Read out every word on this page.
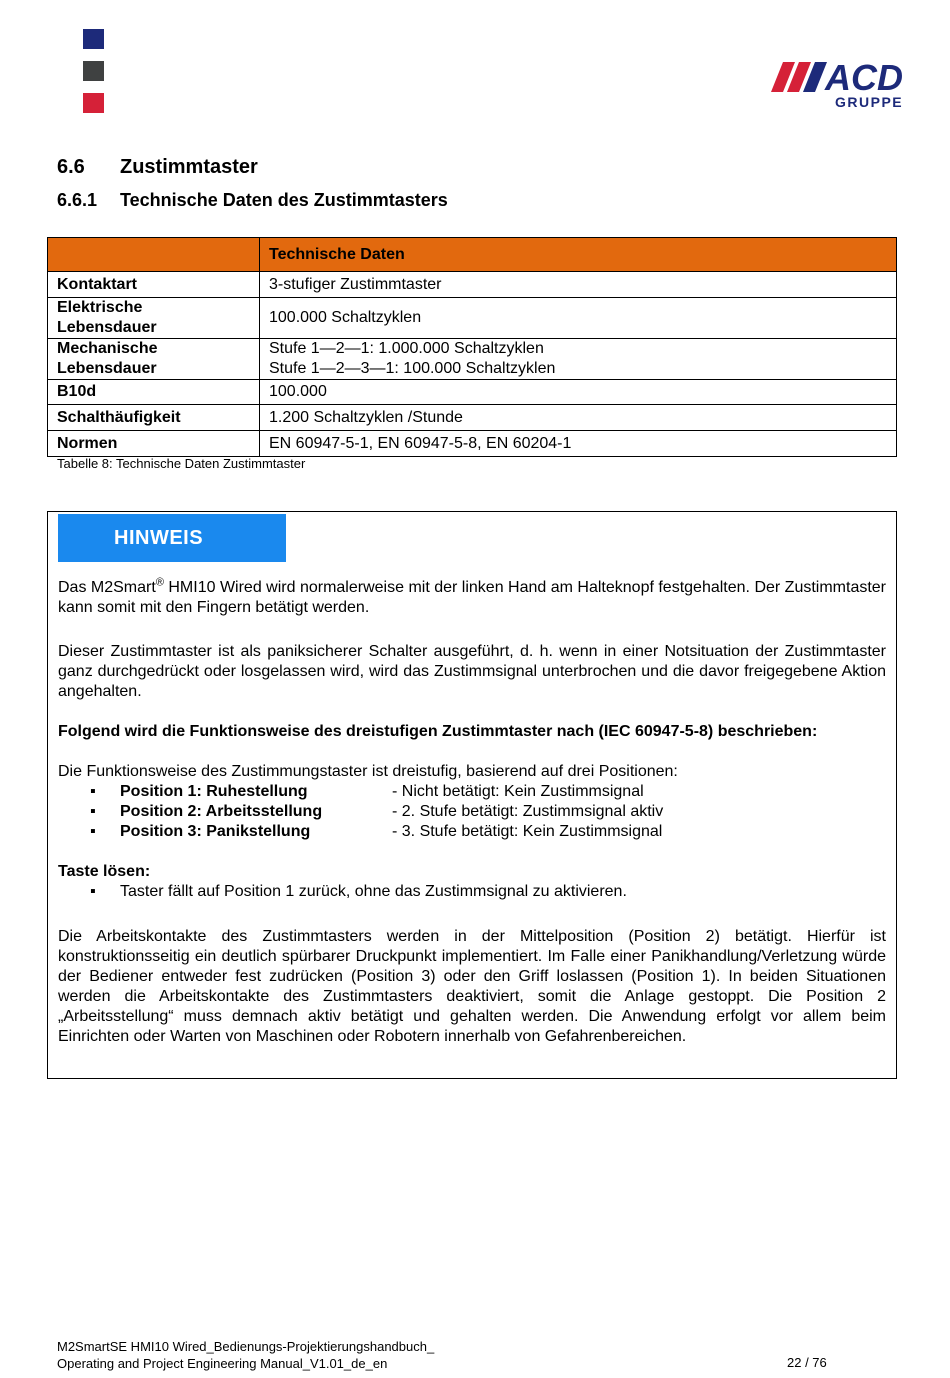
ACD
GRUPPE
6.6 Zustimmtaster
6.6.1 Technische Daten des Zustimmtasters
	Technische Daten
Kontaktart	3-stufiger Zustimmtaster
Elektrische
Lebensdauer	100.000 Schaltzyklen
Mechanische
Lebensdauer	Stufe 1—2—1: 1.000.000 Schaltzyklen
Stufe 1—2—3—1: 100.000 Schaltzyklen
B10d	100.000
Schalthäufigkeit	1.200 Schaltzyklen /Stunde
Normen	EN 60947-5-1, EN 60947-5-8, EN 60204-1
Tabelle 8: Technische Daten Zustimmtaster
HINWEIS
Das M2Smart® HMI10 Wired wird normalerweise mit der linken Hand am Halteknopf festgehalten. Der Zustimmtaster kann somit mit den Fingern betätigt werden.
Dieser Zustimmtaster ist als paniksicherer Schalter ausgeführt, d. h. wenn in einer Notsituation der Zustimmtaster ganz durchgedrückt oder losgelassen wird, wird das Zustimmsignal unterbrochen und die davor freigegebene Aktion angehalten.
Folgend wird die Funktionsweise des dreistufigen Zustimmtaster nach (IEC 60947-5-8) beschrieben:
Die Funktionsweise des Zustimmungstaster ist dreistufig, basierend auf drei Positionen:
▪ Position 1: Ruhestellung	- Nicht betätigt: Kein Zustimmsignal
▪ Position 2: Arbeitsstellung	- 2. Stufe betätigt: Zustimmsignal aktiv
▪ Position 3: Panikstellung	- 3. Stufe betätigt: Kein Zustimmsignal
Taste lösen:
▪ Taster fällt auf Position 1 zurück, ohne das Zustimmsignal zu aktivieren.
Die Arbeitskontakte des Zustimmtasters werden in der Mittelposition (Position 2) betätigt. Hierfür ist konstruktionsseitig ein deutlich spürbarer Druckpunkt implementiert. Im Falle einer Panikhandlung/Verletzung würde der Bediener entweder fest zudrücken (Position 3) oder den Griff loslassen (Position 1). In beiden Situationen werden die Arbeitskontakte des Zustimmtasters deaktiviert, somit die Anlage gestoppt. Die Position 2 „Arbeitsstellung“ muss demnach aktiv betätigt und gehalten werden. Die Anwendung erfolgt vor allem beim Einrichten oder Warten von Maschinen oder Robotern innerhalb von Gefahrenbereichen.
M2SmartSE HMI10 Wired_Bedienungs-Projektierungshandbuch_
Operating and Project Engineering Manual_V1.01_de_en	22 / 76
